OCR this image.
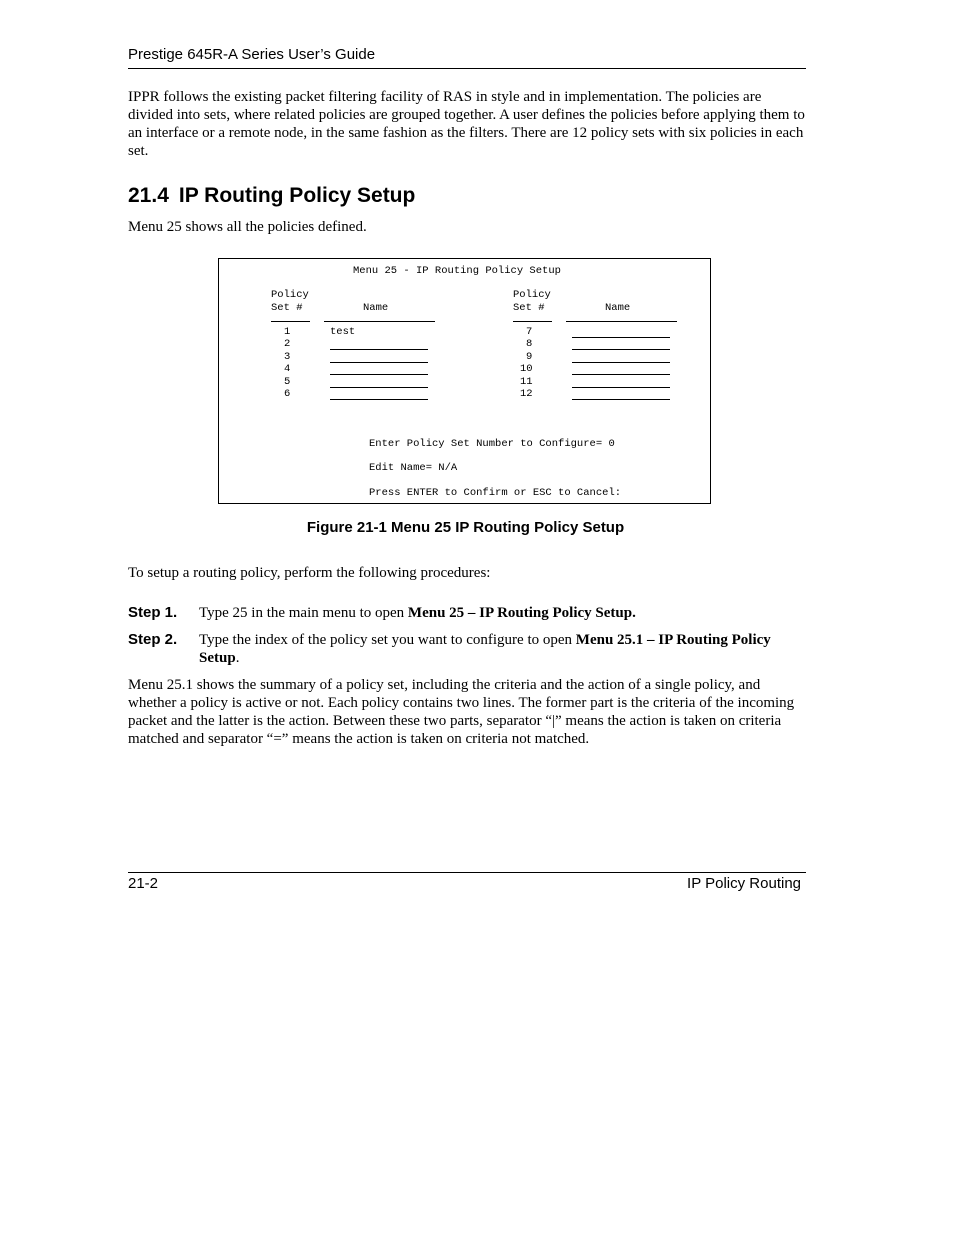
Prestige 645R-A Series User’s Guide

IPPR follows the existing packet filtering facility of RAS in style and in implementation. The policies are divided into sets, where related policies are grouped together. A user defines the policies before applying them to an interface or a remote node, in the same fashion as the filters. There are 12 policy sets with six policies in each set.

21.4 IP Routing Policy Setup

Menu 25 shows all the policies defined.

Menu 25 - IP Routing Policy Setup
Policy
Set #	Name
Policy
Set #	Name
1	test
2
3
4
5
6
7
8
9
10
11
12
Enter Policy Set Number to Configure= 0
Edit Name= N/A
Press ENTER to Confirm or ESC to Cancel:
Figure 21-1 Menu 25 IP Routing Policy Setup

To setup a routing policy, perform the following procedures:

Step 1. Type 25 in the main menu to open Menu 25 – IP Routing Policy Setup.
Step 2. Type the index of the policy set you want to configure to open Menu 25.1 – IP Routing Policy Setup.

Menu 25.1 shows the summary of a policy set, including the criteria and the action of a single policy, and whether a policy is active or not. Each policy contains two lines. The former part is the criteria of the incoming packet and the latter is the action. Between these two parts, separator “|” means the action is taken on criteria matched and separator “=” means the action is taken on criteria not matched.

21-2	IP Policy Routing
